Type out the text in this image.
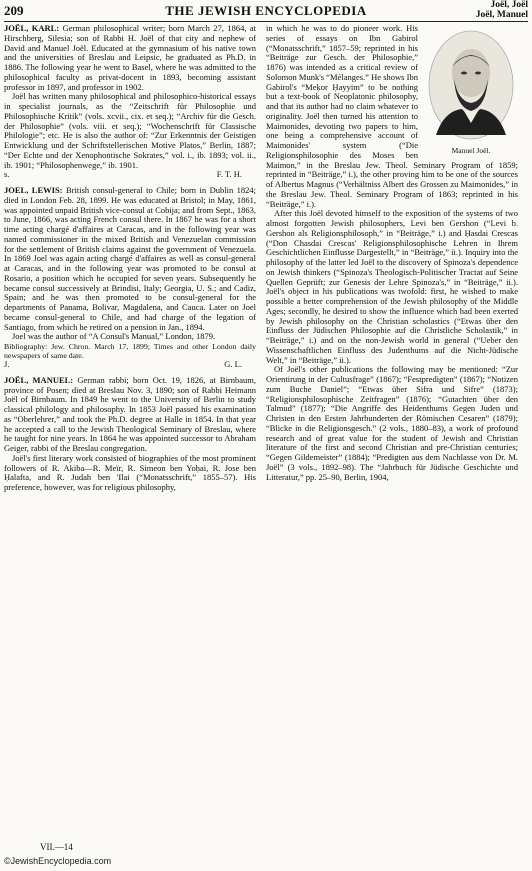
209	THE JEWISH ENCYCLOPEDIA	Joël, Joël
Joël, Manuel

JOËL, KARL: German philosophical writer; born March 27, 1864, at Hirschberg, Silesia; son of Rabbi H. Joël of that city and nephew of David and Manuel Joël. Educated at the gymnasium of his native town and the universities of Breslau and Leipsic, he graduated as Ph.D. in 1886. The following year he went to Basel, where he was admitted to the philosophical faculty as privat-docent in 1893, becoming assistant professor in 1897, and professor in 1902.

Joël has written many philosophical and philosophico-historical essays in specialist journals, as the “Zeitschrift für Philosophie und Philosophische Kritik” (vols. xcvii., cix. et seq.); “Archiv für die Gesch. der Philosophie” (vols. viii. et seq.); “Wochenschrift für Classische Philologie”; etc. He is also the author of: “Zur Erkenntnis der Geistigen Entwicklung und der Schriftstellerischen Motive Platos,” Berlin, 1887; “Der Echte und der Xenophontische Sokrates,” vol. i., ib. 1893; vol. ii., ib. 1901; “Philosophenwege,” ib. 1901.

s.	F. T. H.

JOEL, LEWIS: British consul-general to Chile; born in Dublin 1824; died in London Feb. 28, 1899. He was educated at Bristol; in May, 1861, was appointed unpaid British vice-consul at Cobija; and from Sept., 1863, to June, 1866, was acting French consul there. In 1867 he was for a short time acting chargé d'affaires at Caracas, and in the following year was named commissioner in the mixed British and Venezuelan commission for the settlement of British claims against the government of Venezuela. In 1869 Joel was again acting chargé d'affaires as well as consul-general at Caracas, and in the following year was promoted to be consul at Rosario, a position which he occupied for seven years. Subsequently he became consul successively at Brindisi, Italy; Georgia, U. S.; and Cadiz, Spain; and he was then promoted to be consul-general for the departments of Panama, Bolivar, Magdalena, and Cauca. Later on Joel became consul-general to Chile, and had charge of the legation of Santiago, from which he retired on a pension in Jan., 1894.

Joel was the author of “A Consul's Manual,” London, 1879.

Bibliography: Jew. Chron. March 17, 1899; Times and other London daily newspapers of same date.

J.	G. L.

JOËL, MANUEL: German rabbi; born Oct. 19, 1826, at Birnbaum, province of Posen; died at Breslau Nov. 3, 1890; son of Rabbi Heimann Joël of Birnbaum. In 1849 he went to the University of Berlin to study classical philology and philosophy. In 1853 Joël passed his examination as “Oberlehrer,” and took the Ph.D. degree at Halle in 1854. In that year he accepted a call to the Jewish Theological Seminary of Breslau, where he taught for nine years. In 1864 he was appointed successor to Abraham Geiger, rabbi of the Breslau congregation.

Joël's first literary work consisted of biographies of the most prominent followers of R. Akiba—R. Meïr, R. Simeon ben Yoḥai, R. Jose ben Ḥalafta, and R. Judah ben 'Ilai (“Monatsschrift,” 1855–57). His preference, however, was for religious philosophy,

Manuel Joël.

in which he was to do pioneer work. His series of essays on Ibn Gabirol (“Monatsschrift,” 1857–59; reprinted in his “Beiträge zur Gesch. der Philosophie,” 1876) was intended as a critical review of Solomon Munk's “Mélanges.” He shows Ibn Gabirol's “Meḳor Ḥayyim” to be nothing but a text-book of Neoplatonic philosophy, and that its author had no claim whatever to originality. Joël then turned his attention to Maimonides, devoting two papers to him, one being a comprehensive account of Maimonides' system (“Die Religionsphilosophie des Moses ben Maimon,” in the Breslau Jew. Theol. Seminary Program of 1859; reprinted in “Beiträge,” i.), the other proving him to be one of the sources of Albertus Magnus (“Verhältniss Albert des Grossen zu Maimonides,” in the Breslau Jew. Theol. Seminary Program of 1863; reprinted in his “Beiträge,” i.).

After this Joël devoted himself to the exposition of the systems of two almost forgotten Jewish philosophers, Levi ben Gershon (“Levi b. Gershon als Religionsphilosoph,” in “Beiträge,” i.) and Ḥasdai Crescas (“Don Chasdai Crescas' Religionsphilosophische Lehren in Ihrem Geschichtlichen Einflusse Dargestellt,” in “Beiträge,” ii.). Inquiry into the philosophy of the latter led Joël to the discovery of Spinoza's dependence on Jewish thinkers (“Spinoza's Theologisch-Politischer Tractat auf Seine Quellen Geprüft; zur Genesis der Lehre Spinoza's,” in “Beiträge,” ii.). Joël's object in his publications was twofold: first, he wished to make possible a better comprehension of the Jewish philosophy of the Middle Ages; secondly, he desired to show the influence which had been exerted by Jewish philosophy on the Christian scholastics (“Etwas über den Einfluss der Jüdischen Philosophie auf die Christliche Scholastik,” in “Beiträge,” i.) and on the non-Jewish world in general (“Ueber den Wissenschaftlichen Einfluss des Judenthums auf die Nicht-Jüdische Welt,” in “Beiträge,” ii.).

Of Joël's other publications the following may be mentioned: “Zur Orientirung in der Cultusfrage” (1867); “Festpredigten” (1867); “Notizen zum Buche Daniel”; “Etwas über Sifra und Sifre” (1873); “Religionsphilosophische Zeitfragen” (1876); “Gutachten über den Talmud” (1877); “Die Angriffe des Heidenthums Gegen Juden und Christen in den Ersten Jahrhunderten der Römischen Cesaren” (1879); “Blicke in die Religionsgesch.” (2 vols., 1880–83), a work of profound research and of great value for the student of Jewish and Christian literature of the first and second Christian and pre-Christian centuries; “Gegen Gildemeister” (1884); “Predigten aus dem Nachlasse von Dr. M. Joël” (3 vols., 1892–98). The “Jahrbuch für Jüdische Geschichte und Litteratur,” pp. 25–90, Berlin, 1904,

VII.—14
©JewishEncyclopedia.com
